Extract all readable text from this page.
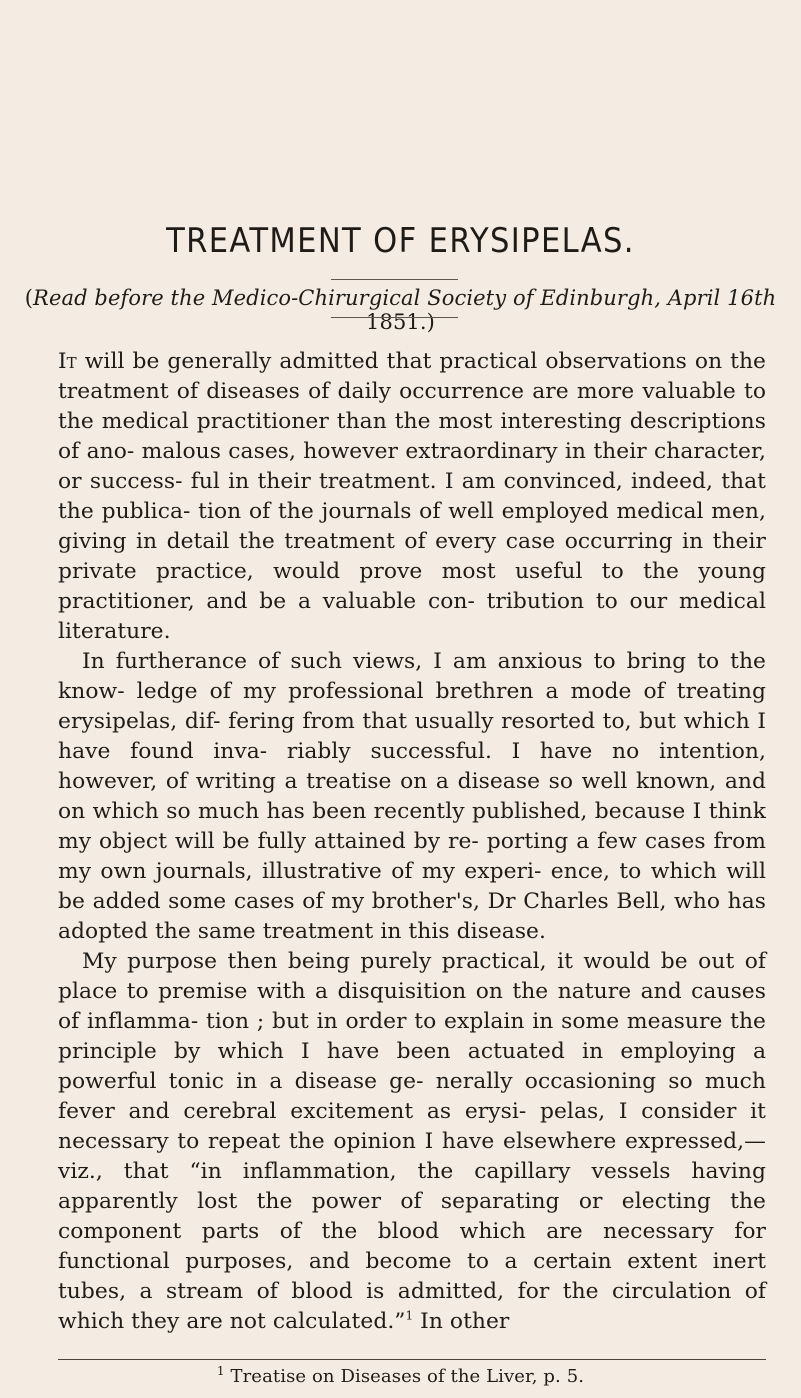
TREATMENT OF ERYSIPELAS.
(Read before the Medico-Chirurgical Society of Edinburgh, April 16th 1851.)

It will be generally admitted that practical observations on the treatment of diseases of daily occurrence are more valuable to the medical practitioner than the most interesting descriptions of ano- malous cases, however extraordinary in their character, or success- ful in their treatment. I am convinced, indeed, that the publica- tion of the journals of well employed medical men, giving in detail the treatment of every case occurring in their private practice, would prove most useful to the young practitioner, and be a valuable con- tribution to our medical literature.

In furtherance of such views, I am anxious to bring to the know- ledge of my professional brethren a mode of treating erysipelas, dif- fering from that usually resorted to, but which I have found inva- riably successful. I have no intention, however, of writing a treatise on a disease so well known, and on which so much has been recently published, because I think my object will be fully attained by re- porting a few cases from my own journals, illustrative of my experi- ence, to which will be added some cases of my brother's, Dr Charles Bell, who has adopted the same treatment in this disease.

My purpose then being purely practical, it would be out of place to premise with a disquisition on the nature and causes of inflamma- tion ; but in order to explain in some measure the principle by which I have been actuated in employing a powerful tonic in a disease ge- nerally occasioning so much fever and cerebral excitement as erysi- pelas, I consider it necessary to repeat the opinion I have elsewhere expressed,—viz., that “in inflammation, the capillary vessels having apparently lost the power of separating or electing the component parts of the blood which are necessary for functional purposes, and become to a certain extent inert tubes, a stream of blood is admitted, for the circulation of which they are not calculated.”$^1$ In other

$^1$ Treatise on Diseases of the Liver, p. 5.
